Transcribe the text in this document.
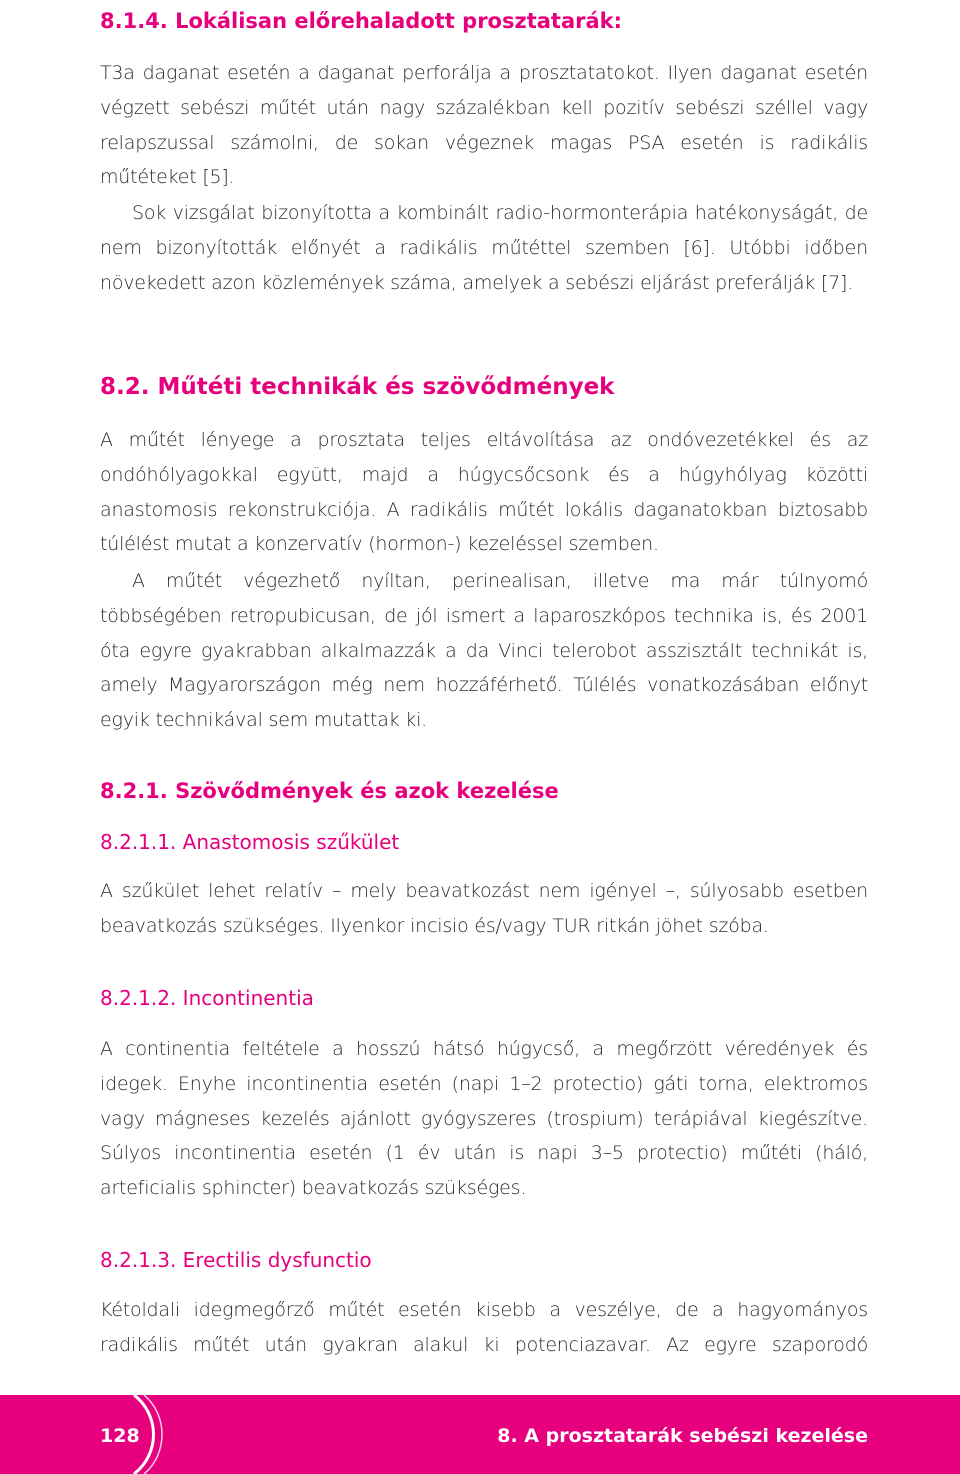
8.1.4. Lokálisan előrehaladott prosztatarák:

T3a daganat esetén a daganat perforálja a prosztatatokot. Ilyen daganat esetén végzett sebészi műtét után nagy százalékban kell pozitív sebészi széllel vagy relapszussal számolni, de sokan végeznek magas PSA esetén is radikális műtéteket [5].

Sok vizsgálat bizonyította a kombinált radio-hormonterápia hatékonyságát, de nem bizonyították előnyét a radikális műtéttel szemben [6]. Utóbbi időben növekedett azon közlemények száma, amelyek a sebészi eljárást preferálják [7].

8.2. Műtéti technikák és szövődmények

A műtét lényege a prosztata teljes eltávolítása az ondóvezetékkel és az ondóhólyagokkal együtt, majd a húgycsőcsonk és a húgyhólyag közötti anastomosis rekonstrukciója. A radikális műtét lokális daganatokban biztosabb túlélést mutat a konzervatív (hormon-) kezeléssel szemben.

A műtét végezhető nyíltan, perinealisan, illetve ma már túlnyomó többségében retropubicusan, de jól ismert a laparoszkópos technika is, és 2001 óta egyre gyakrabban alkalmazzák a da Vinci telerobot asszisztált technikát is, amely Magyarországon még nem hozzáférhető. Túlélés vonatkozásában előnyt egyik technikával sem mutattak ki.

8.2.1. Szövődmények és azok kezelése
8.2.1.1. Anastomosis szűkület

A szűkület lehet relatív – mely beavatkozást nem igényel –, súlyosabb esetben beavatkozás szükséges. Ilyenkor incisio és/vagy TUR ritkán jöhet szóba.

8.2.1.2. Incontinentia

A continentia feltétele a hosszú hátsó húgycső, a megőrzött véredények és idegek. Enyhe incontinentia esetén (napi 1–2 protectio) gáti torna, elektromos vagy mágneses kezelés ajánlott gyógyszeres (trospium) terápiával kiegészítve. Súlyos incontinentia esetén (1 év után is napi 3–5 protectio) műtéti (háló, arteficialis sphincter) beavatkozás szükséges.

8.2.1.3. Erectilis dysfunctio

Kétoldali idegmegőrző műtét esetén kisebb a veszélye, de a hagyományos radikális műtét után gyakran alakul ki potenciazavar. Az egyre szaporodó

128	8. A prosztatarák sebészi kezelése
